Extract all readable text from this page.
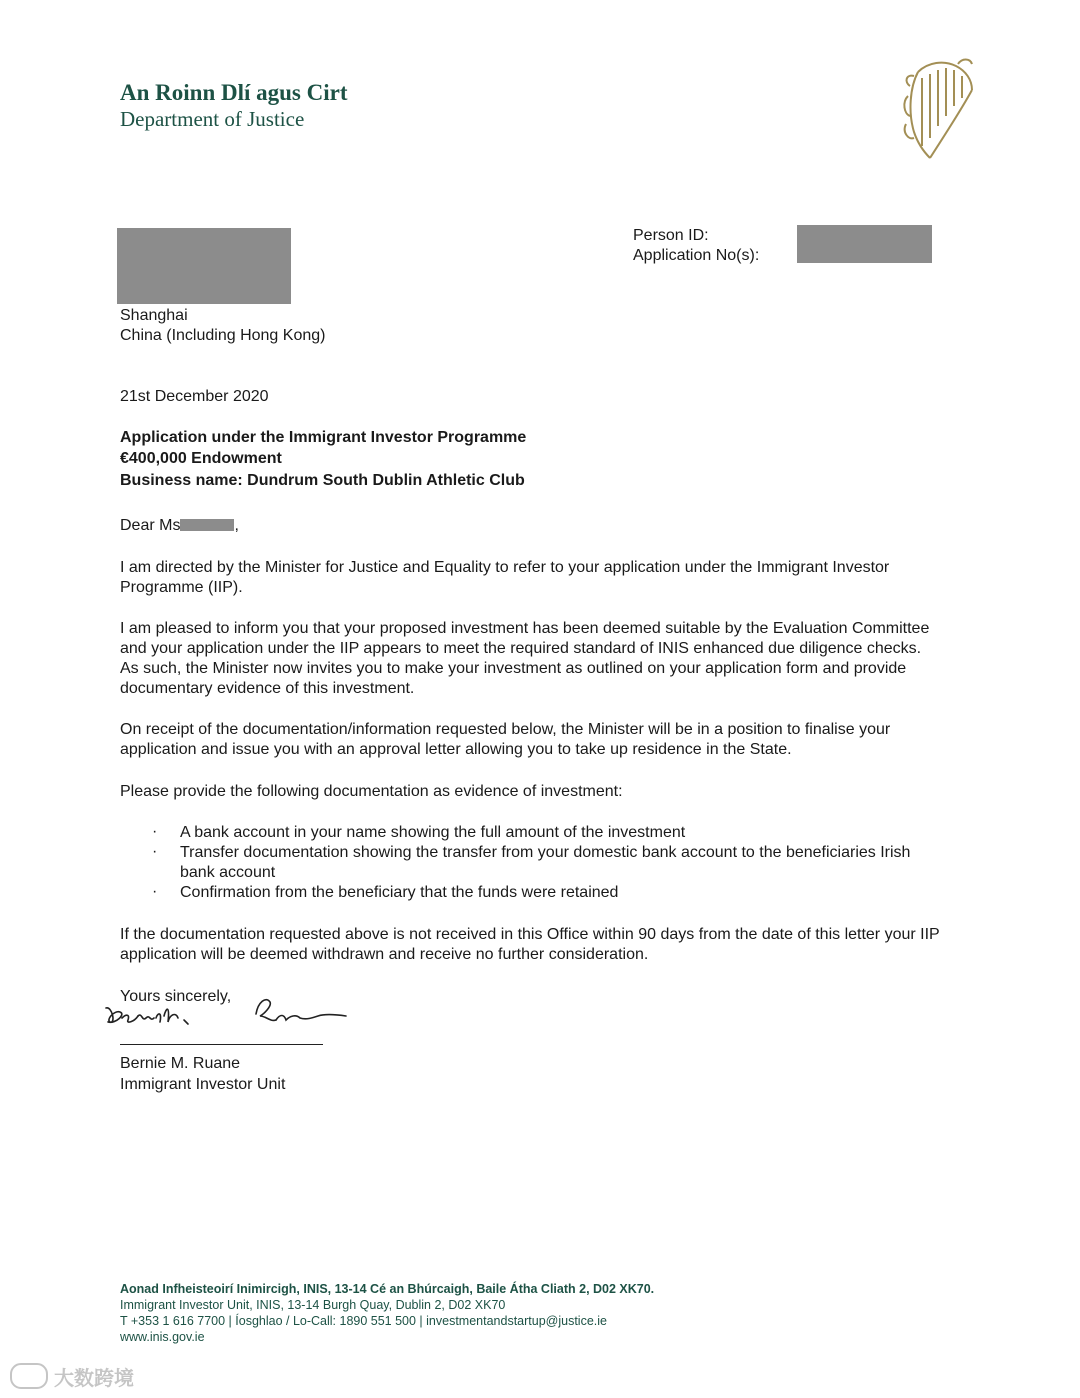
An Roinn Dlí agus Cirt
Department of Justice
Person ID:
Application No(s):
Shanghai
China (Including Hong Kong)
21st December 2020
Application under the Immigrant Investor Programme
€400,000 Endowment
Business name: Dundrum South Dublin Athletic Club
Dear Ms	,
I am directed by the Minister for Justice and Equality to refer to your application under the Immigrant Investor
Programme (IIP).
I am pleased to inform you that your proposed investment has been deemed suitable by the Evaluation Committee
and your application under the IIP appears to meet the required standard of INIS enhanced due diligence checks.
As such, the Minister now invites you to make your investment as outlined on your application form and provide
documentary evidence of this investment.
On receipt of the documentation/information requested below, the Minister will be in a position to finalise your
application and issue you with an approval letter allowing you to take up residence in the State.
Please provide the following documentation as evidence of investment:
· A bank account in your name showing the full amount of the investment
· Transfer documentation showing the transfer from your domestic bank account to the beneficiaries Irish
bank account
· Confirmation from the beneficiary that the funds were retained
If the documentation requested above is not received in this Office within 90 days from the date of this letter your IIP
application will be deemed withdrawn and receive no further consideration.
Yours sincerely,
Bernie M. Ruane
Immigrant Investor Unit
Aonad Infheisteoirí Inimircigh, INIS, 13-14 Cé an Bhúrcaigh, Baile Átha Cliath 2, D02 XK70.
Immigrant Investor Unit, INIS, 13-14 Burgh Quay, Dublin 2, D02 XK70
T +353 1 616 7700 | Íosghlao / Lo-Call: 1890 551 500 | investmentandstartup@justice.ie
www.inis.gov.ie
大数跨境
